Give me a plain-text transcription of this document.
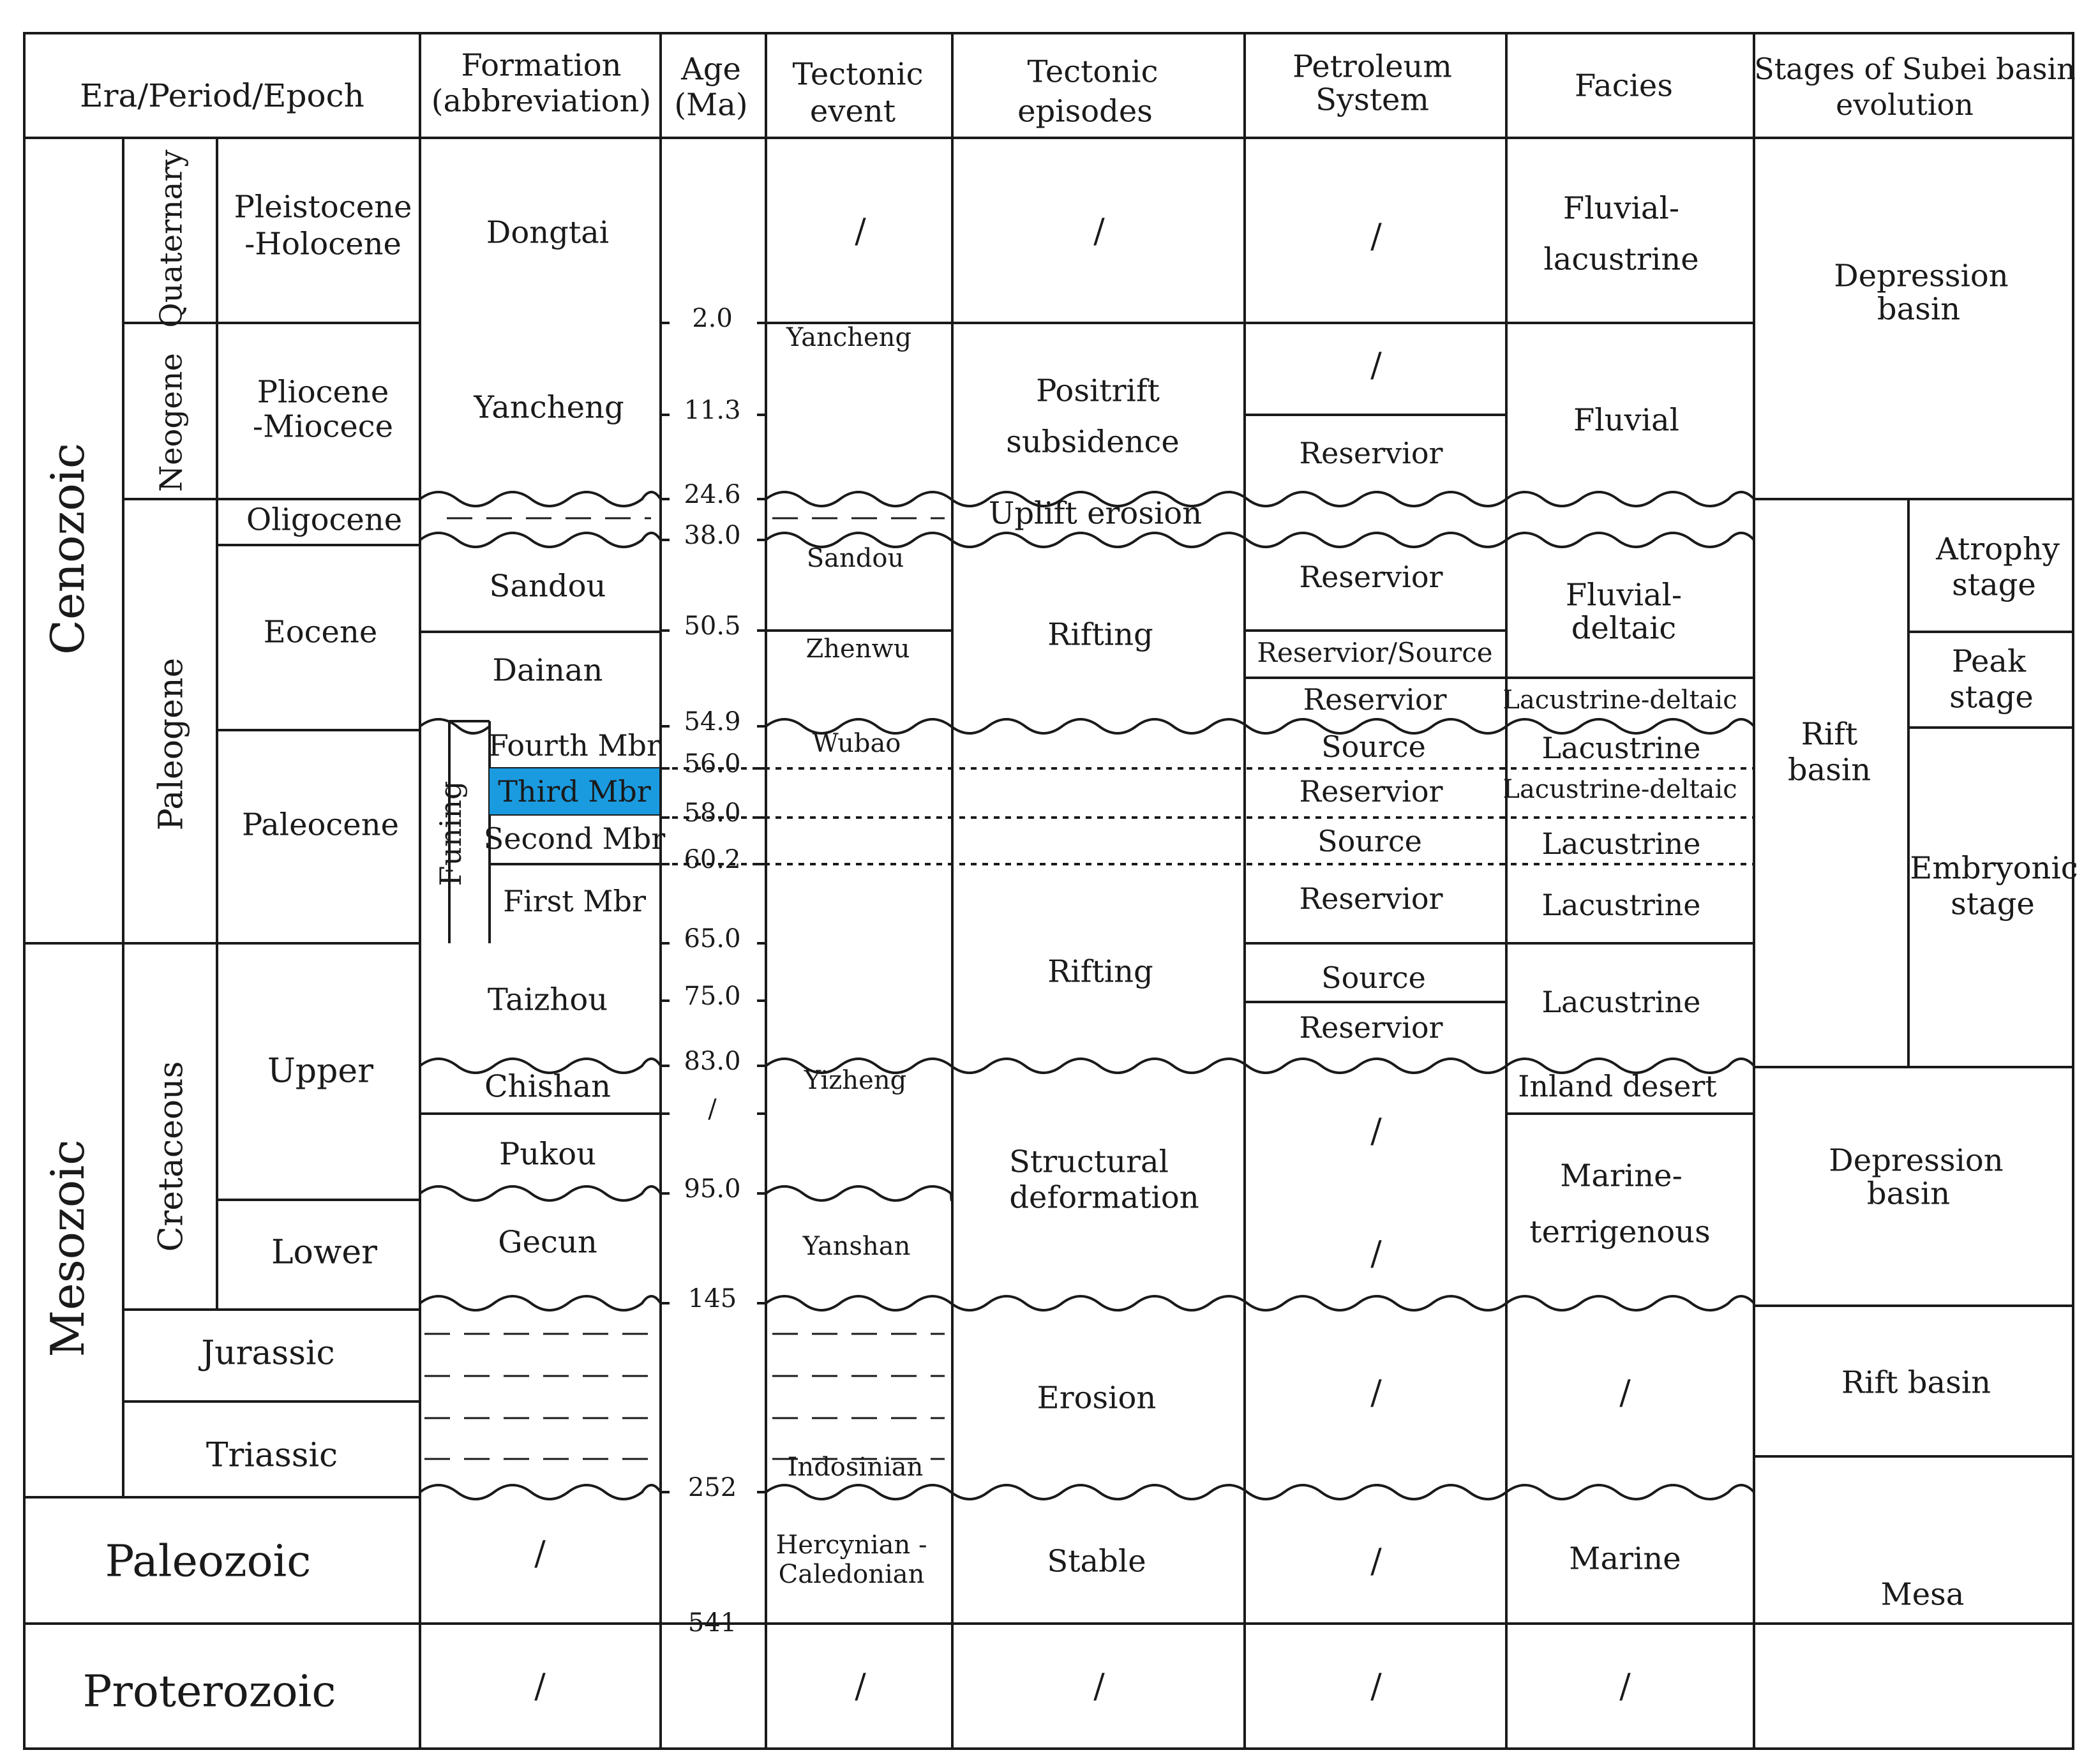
Era/Period/Epoch
Formation
(abbreviation)
Age
(Ma)
Tectonic
event
Tectonic
episodes
Petroleum
System	Facies	Stages of Subei basin
evolution
Cenozoic
Mesozoic
Paleozoic
Proterozoic
Quaternary
Neogene
Paleogene
Cretaceous
Jurassic
Triassic
Pleistocene
-Holocene
Pliocene
-Miocece
Oligocene
Eocene
Paleocene
Upper
Lower
Dongtai
Yancheng
Sandou
Dainan
Funing
Fourth Mbr
Third Mbr
Second Mbr
First Mbr
Taizhou
Chishan
Pukou
Gecun
/
/
2.0
11.3
24.6
38.0
50.5
54.9
56.0
58.0
60.2
65.0
75.0
83.0
/
95.0
145
252
541
/
Yancheng
Sandou
Zhenwu
Wubao
Yizheng
Yanshan
Indosinian
Hercynian -
Caledonian
/
/
Positrift
subsidence
Uplift erosion
Rifting
Rifting
Structural
deformation
Erosion
Stable
/
/
/
Reservior
Reservior
Reservior/Source
Reservior
Source
Reservior
Source
Reservior
Source
Reservior
/
/
/
/
/
Fluvial-
lacustrine
Fluvial
Fluvial-
deltaic
Lacustrine-deltaic
Lacustrine
Lacustrine-deltaic
Lacustrine
Lacustrine
Lacustrine
Inland desert
Marine-
terrigenous
/
Marine
/
Depression
basin
Rift
basin
Atrophy
stage
Peak
stage
Embryonic
stage
Depression
basin
Rift basin
Mesa
